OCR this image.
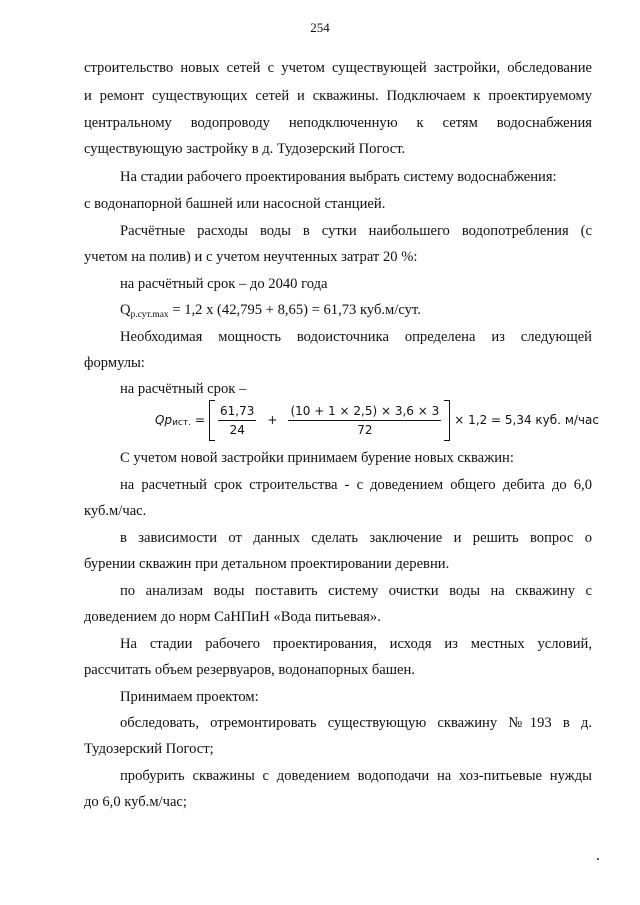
254
строительство новых сетей с учетом существующей застройки, обследование
и ремонт существующих сетей и скважины. Подключаем к проектируемому
центральному водопроводу неподключенную к сетям водоснабжения
существующую застройку в д. Тудозерский Погост.
На стадии рабочего проектирования выбрать систему водоснабжения:
с водонапорной башней или насосной станцией.
Расчётные расходы воды в сутки наибольшего водопотребления (с
учетом на полив) и с учетом неучтенных затрат 20 %:
на расчётный срок – до 2040 года
$Q_{р.сут.max} = 1,2$ х (42,795 + 8,65) = 61,73 куб.м/сут.
Необходимая мощность водоисточника определена из следующей
формулы:
на расчётный срок –
Qp ист. = $\frac{61,73}{24} + \frac{(10 + 1 \times 2,5) \times 3,6 \times 3}{72} \times 1,2 = 5,34$ куб. м/час
С учетом новой застройки принимаем бурение новых скважин:
на расчетный срок строительства - с доведением общего дебита до 6,0
куб.м/час.
в зависимости от данных сделать заключение и решить вопрос о
бурении скважин при детальном проектировании деревни.
по анализам воды поставить систему очистки воды на скважину с
доведением до норм СаНПиН «Вода питьевая».
На стадии рабочего проектирования, исходя из местных условий,
рассчитать объем резервуаров, водонапорных башен.
Принимаем проектом:
обследовать, отремонтировать существующую скважину №193 в д.
Тудозерский Погост;
пробурить скважины с доведением водоподачи на хоз-питьевые нужды
до 6,0 куб.м/час;
